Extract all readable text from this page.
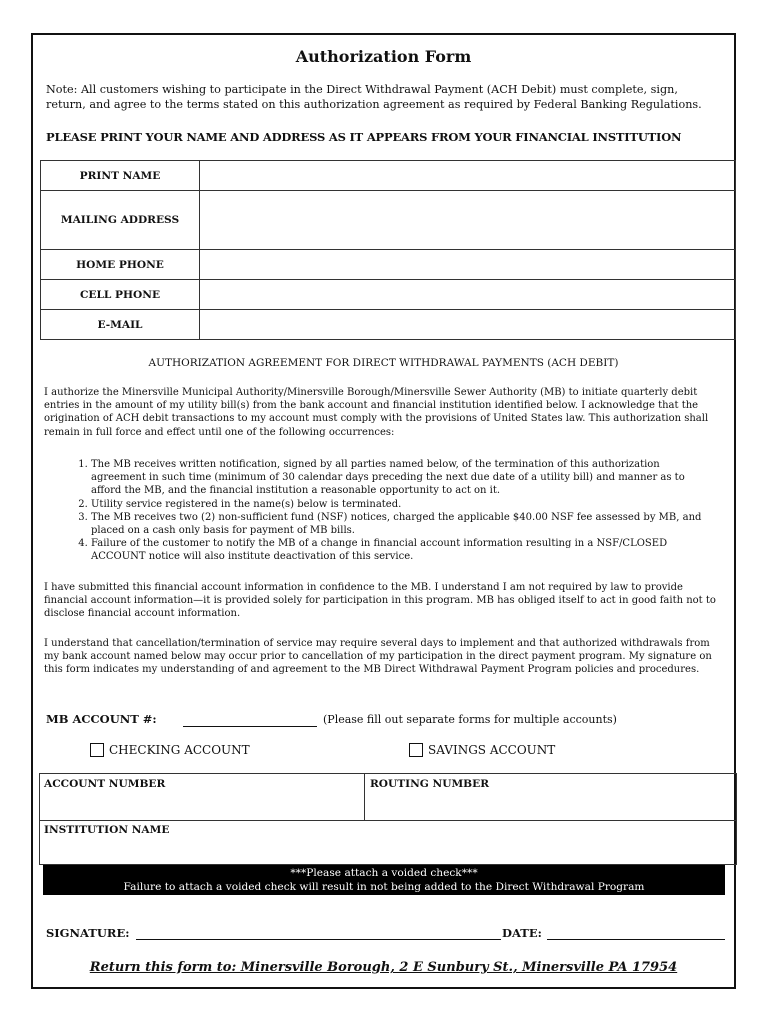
Authorization Form
Note: All customers wishing to participate in the Direct Withdrawal Payment (ACH Debit) must complete, sign, return, and agree to the terms stated on this authorization agreement as required by Federal Banking Regulations.
PLEASE PRINT YOUR NAME AND ADDRESS AS IT APPEARS FROM YOUR FINANCIAL INSTITUTION
PRINT NAME	
MAILING ADDRESS	
HOME PHONE	
CELL PHONE	
E-MAIL	
AUTHORIZATION AGREEMENT FOR DIRECT WITHDRAWAL PAYMENTS (ACH DEBIT)
I authorize the Minersville Municipal Authority/Minersville Borough/Minersville Sewer Authority (MB) to initiate quarterly debit entries in the amount of my utility bill(s) from the bank account and financial institution identified below. I acknowledge that the origination of ACH debit transactions to my account must comply with the provisions of United States law. This authorization shall remain in full force and effect until one of the following occurrences:
1. The MB receives written notification, signed by all parties named below, of the termination of this authorization agreement in such time (minimum of 30 calendar days preceding the next due date of a utility bill) and manner as to afford the MB, and the financial institution a reasonable opportunity to act on it.
2. Utility service registered in the name(s) below is terminated.
3. The MB receives two (2) non-sufficient fund (NSF) notices, charged the applicable $40.00 NSF fee assessed by MB, and placed on a cash only basis for payment of MB bills.
4. Failure of the customer to notify the MB of a change in financial account information resulting in a NSF/CLOSED ACCOUNT notice will also institute deactivation of this service.
I have submitted this financial account information in confidence to the MB. I understand I am not required by law to provide financial account information—it is provided solely for participation in this program. MB has obliged itself to act in good faith not to disclose financial account information.
I understand that cancellation/termination of service may require several days to implement and that authorized withdrawals from my bank account named below may occur prior to cancellation of my participation in the direct payment program. My signature on this form indicates my understanding of and agreement to the MB Direct Withdrawal Payment Program policies and procedures.
MB ACCOUNT #:	(Please fill out separate forms for multiple accounts)
CHECKING ACCOUNT	SAVINGS ACCOUNT
ACCOUNT NUMBER	ROUTING NUMBER
INSTITUTION NAME
***Please attach a voided check***
Failure to attach a voided check will result in not being added to the Direct Withdrawal Program
SIGNATURE:	DATE:
Return this form to: Minersville Borough, 2 E Sunbury St., Minersville PA 17954
